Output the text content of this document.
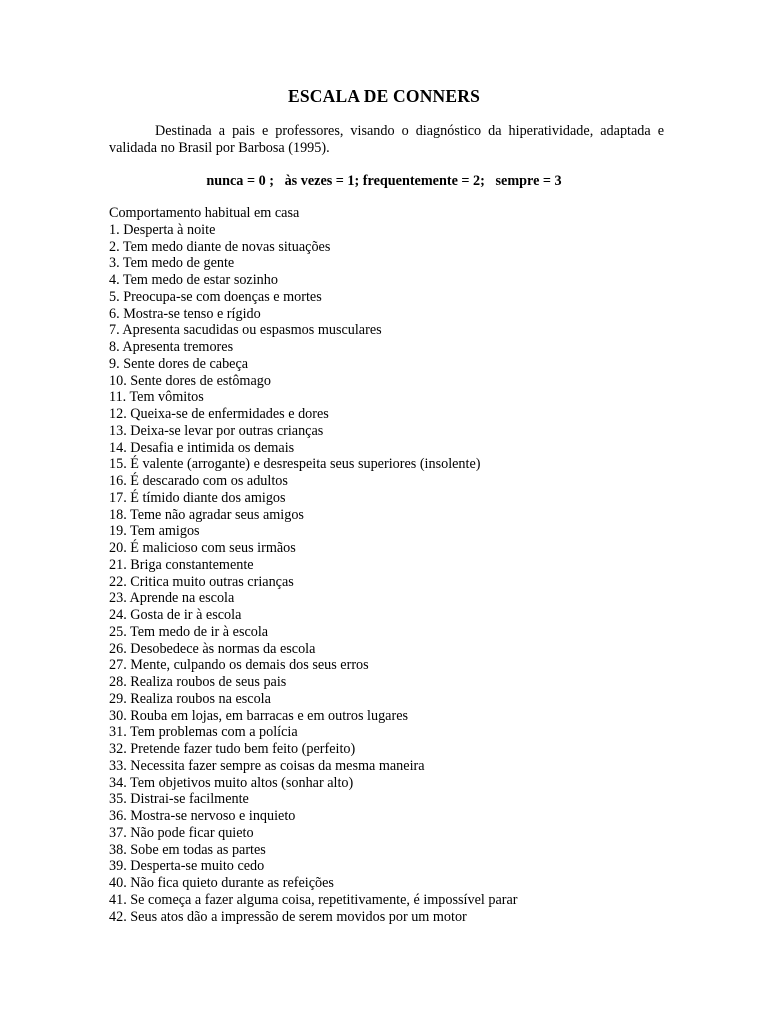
ESCALA DE CONNERS
Destinada a pais e professores, visando o diagnóstico da hiperatividade, adaptada e validada no Brasil por Barbosa (1995).
nunca = 0 ;   às vezes = 1; frequentemente = 2;   sempre = 3
Comportamento habitual em casa
1. Desperta à noite
2. Tem medo diante de novas situações
3. Tem medo de gente
4. Tem medo de estar sozinho
5. Preocupa-se com doenças e mortes
6. Mostra-se tenso e rígido
7. Apresenta sacudidas ou espasmos musculares
8. Apresenta tremores
9. Sente dores de cabeça
10. Sente dores de estômago
11. Tem vômitos
12. Queixa-se de enfermidades e dores
13. Deixa-se levar por outras crianças
14. Desafia e intimida os demais
15. É valente (arrogante) e desrespeita seus superiores (insolente)
16. É descarado com os adultos
17. É tímido diante dos amigos
18. Teme não agradar seus amigos
19. Tem amigos
20. É malicioso com seus irmãos
21. Briga constantemente
22. Critica muito outras crianças
23. Aprende na escola
24. Gosta de ir à escola
25. Tem medo de ir à escola
26. Desobedece às normas da escola
27. Mente, culpando os demais dos seus erros
28. Realiza roubos de seus pais
29. Realiza roubos na escola
30. Rouba em lojas, em barracas e em outros lugares
31. Tem problemas com a polícia
32. Pretende fazer tudo bem feito (perfeito)
33. Necessita fazer sempre as coisas da mesma maneira
34. Tem objetivos muito altos (sonhar alto)
35. Distrai-se facilmente
36. Mostra-se nervoso e inquieto
37. Não pode ficar quieto
38. Sobe em todas as partes
39. Desperta-se muito cedo
40. Não fica quieto durante as refeições
41. Se começa a fazer alguma coisa, repetitivamente, é impossível parar
42. Seus atos dão a impressão de serem movidos por um motor
